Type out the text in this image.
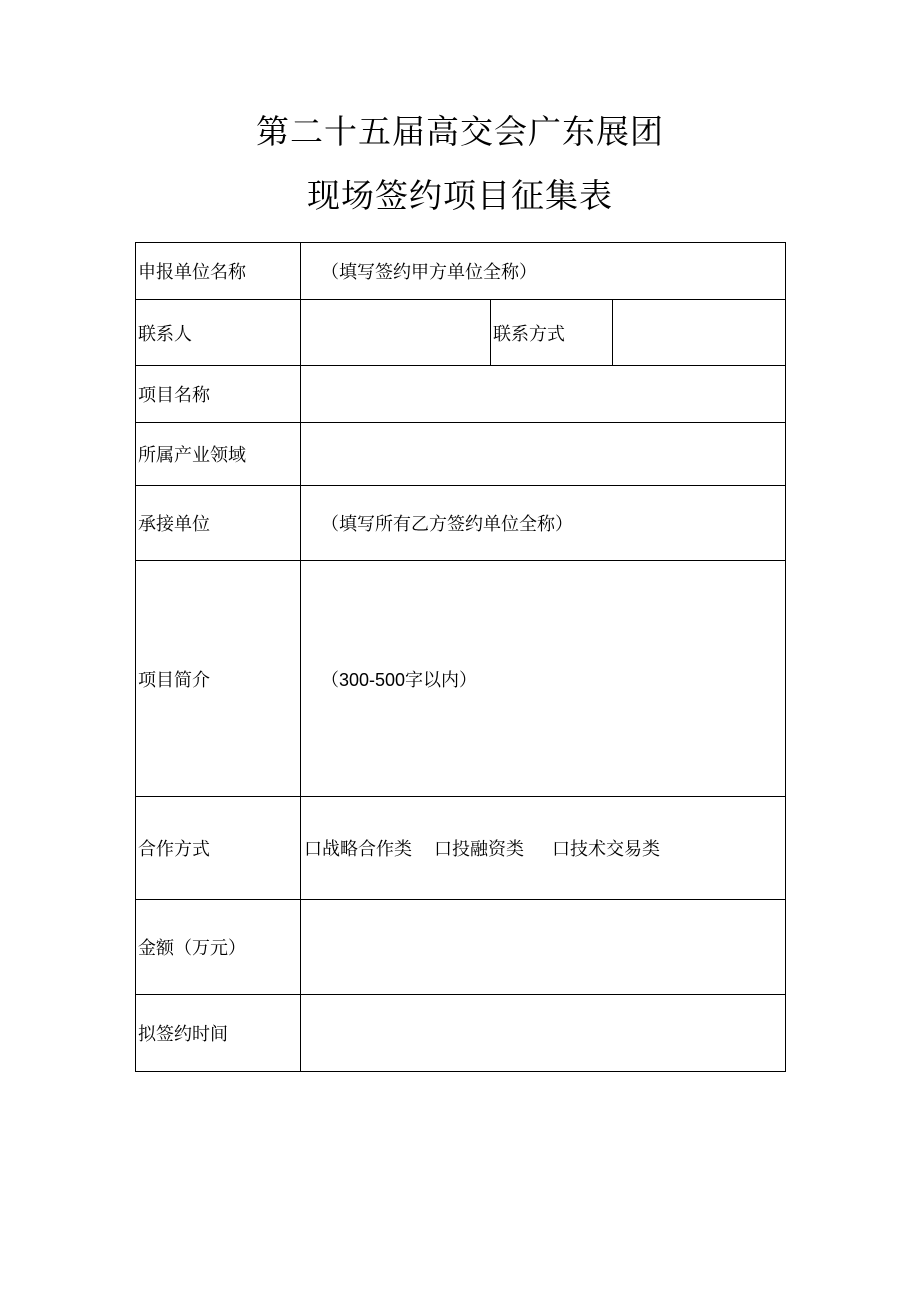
第二十五届高交会广东展团
现场签约项目征集表
申报单位名称	（填写签约甲方单位全称）		
联系人		联系方式	
项目名称			
所属产业领域			
承接单位	（填写所有乙方签约单位全称）		
项目简介	（300-500字以内）		
合作方式	口战略合作类 口投融资类 口技术交易类		
金额（万元）			
拟签约时间			
